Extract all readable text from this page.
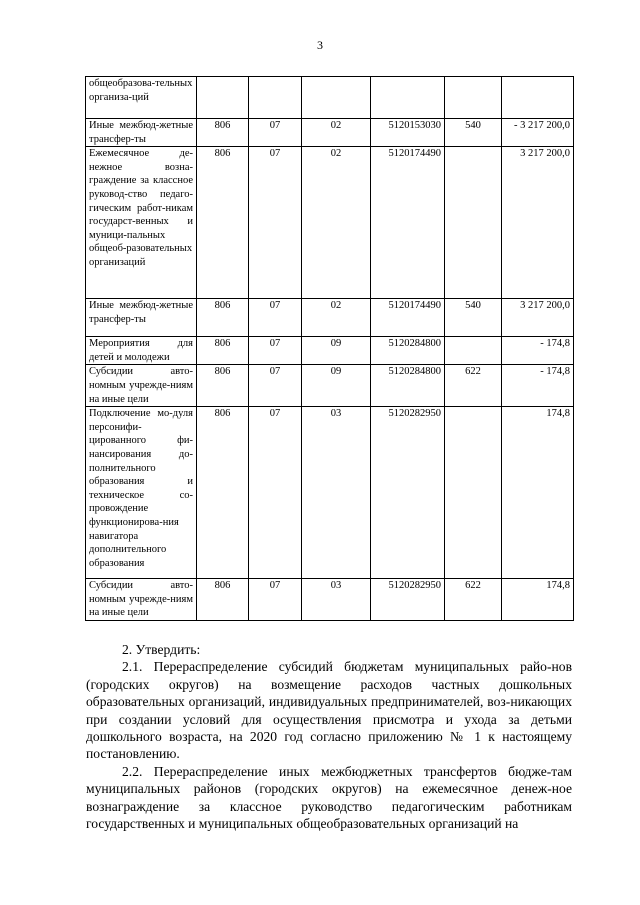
3
общеобразова-тельных организа-ций						
Иные межбюд-жетные трансфер-ты	806	07	02	5120153030	540	- 3 217 200,0
Ежемесячное де-нежное возна-граждение за классное руковод-ство педаго-гическим работ-никам государст-венных и муници-пальных общеоб-разовательных организаций	806	07	02	5120174490		3 217 200,0
Иные межбюд-жетные трансфер-ты	806	07	02	5120174490	540	3 217 200,0
Мероприятия для детей и молодежи	806	07	09	5120284800		- 174,8
Субсидии авто-номным учрежде-ниям на иные цели	806	07	09	5120284800	622	- 174,8
Подключение мо-дуля персонифи-цированного фи-нансирования до-полнительного образования и техническое со-провождение функционирова-ния навигатора дополнительного образования	806	07	03	5120282950		174,8
Субсидии авто-номным учрежде-ниям на иные цели	806	07	03	5120282950	622	174,8

2. Утвердить:

2.1. Перераспределение субсидий бюджетам муниципальных райо-нов (городских округов) на возмещение расходов частных дошкольных образовательных организаций, индивидуальных предпринимателей, воз-никающих при создании условий для осуществления присмотра и ухода за детьми дошкольного возраста, на 2020 год согласно приложению № 1 к настоящему постановлению.

2.2. Перераспределение иных межбюджетных трансфертов бюдже-там муниципальных районов (городских округов) на ежемесячное денеж-ное вознаграждение за классное руководство педагогическим работникам государственных и муниципальных общеобразовательных организаций на
